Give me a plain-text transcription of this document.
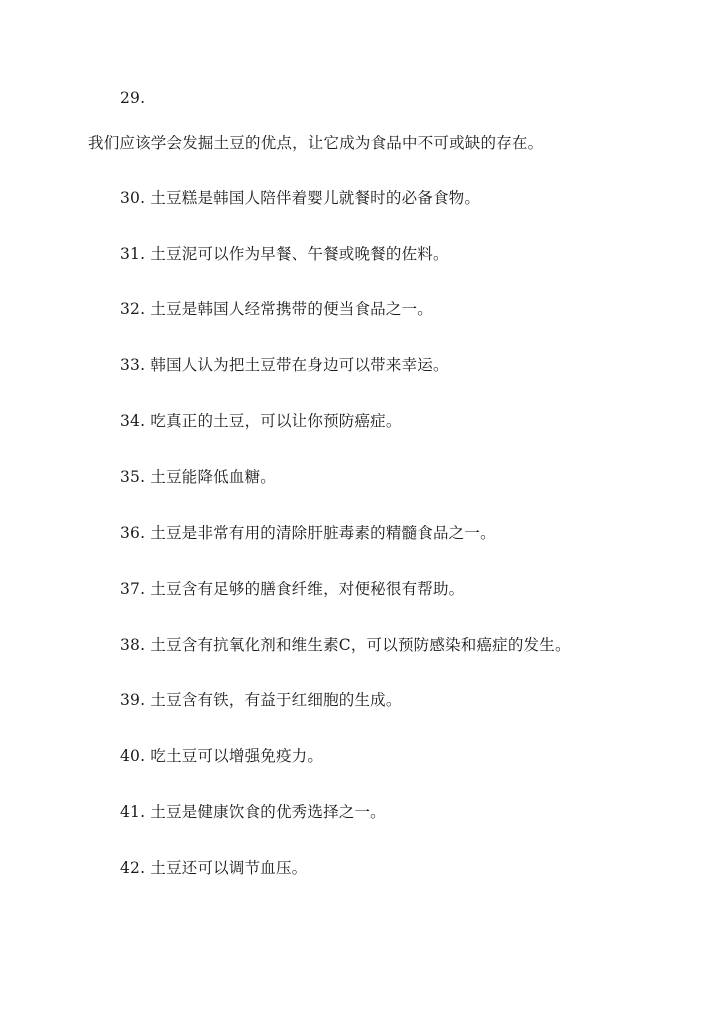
29.
我们应该学会发掘土豆的优点，让它成为食品中不可或缺的存在。
30. 土豆糕是韩国人陪伴着婴儿就餐时的必备食物。
31. 土豆泥可以作为早餐、午餐或晚餐的佐料。
32. 土豆是韩国人经常携带的便当食品之一。
33. 韩国人认为把土豆带在身边可以带来幸运。
34. 吃真正的土豆，可以让你预防癌症。
35. 土豆能降低血糖。
36. 土豆是非常有用的清除肝脏毒素的精髓食品之一。
37. 土豆含有足够的膳食纤维，对便秘很有帮助。
38. 土豆含有抗氧化剂和维生素C，可以预防感染和癌症的发生。
39. 土豆含有铁，有益于红细胞的生成。
40. 吃土豆可以增强免疫力。
41. 土豆是健康饮食的优秀选择之一。
42. 土豆还可以调节血压。
